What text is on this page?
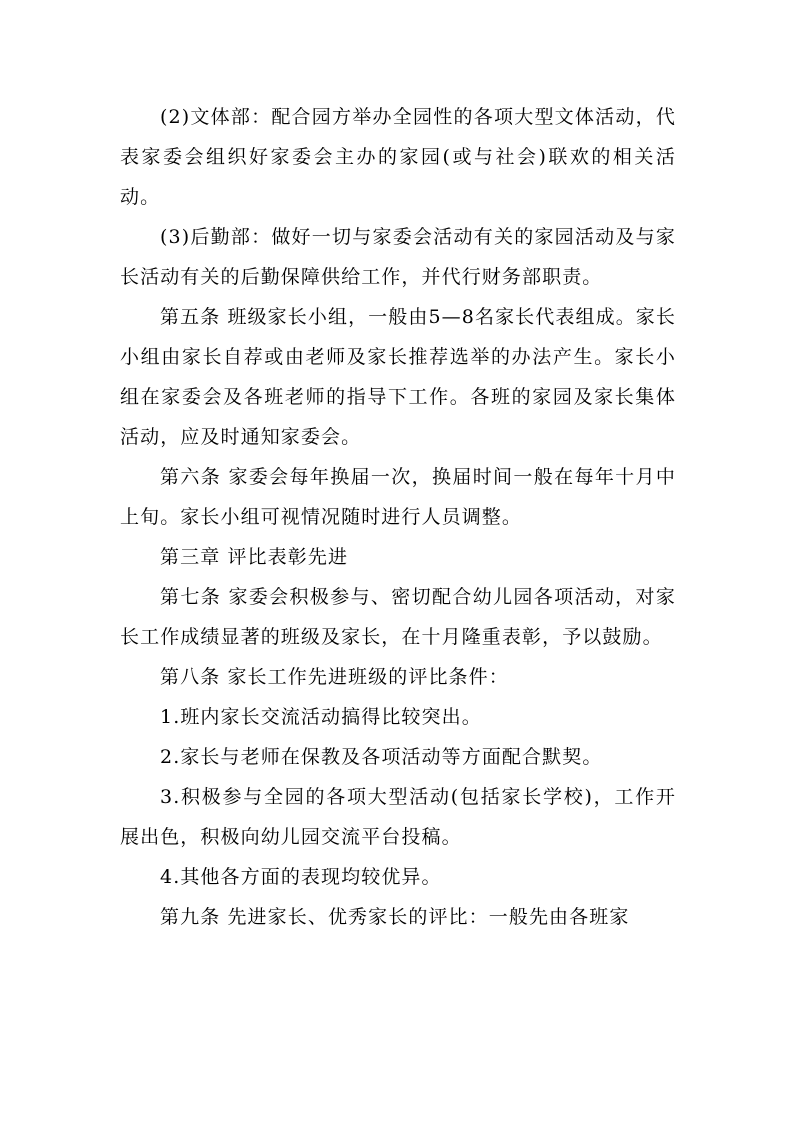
(2)文体部：配合园方举办全园性的各项大型文体活动，代表家委会组织好家委会主办的家园(或与社会)联欢的相关活动。

(3)后勤部：做好一切与家委会活动有关的家园活动及与家长活动有关的后勤保障供给工作，并代行财务部职责。

第五条 班级家长小组，一般由5—8名家长代表组成。家长小组由家长自荐或由老师及家长推荐选举的办法产生。家长小组在家委会及各班老师的指导下工作。各班的家园及家长集体活动，应及时通知家委会。

第六条 家委会每年换届一次，换届时间一般在每年十月中上旬。家长小组可视情况随时进行人员调整。

第三章 评比表彰先进

第七条 家委会积极参与、密切配合幼儿园各项活动，对家长工作成绩显著的班级及家长，在十月隆重表彰，予以鼓励。

第八条 家长工作先进班级的评比条件：

1.班内家长交流活动搞得比较突出。

2.家长与老师在保教及各项活动等方面配合默契。

3.积极参与全园的各项大型活动(包括家长学校)，工作开展出色，积极向幼儿园交流平台投稿。

4.其他各方面的表现均较优异。

第九条 先进家长、优秀家长的评比：一般先由各班家
